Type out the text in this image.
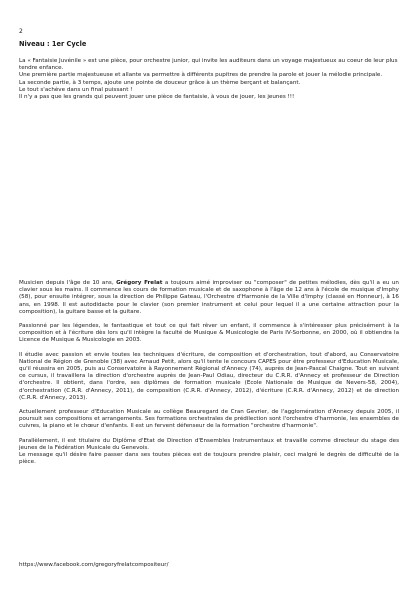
2
Niveau : 1er Cycle

La « Fantaisie Juvénile » est une pièce, pour orchestre junior, qui invite les auditeurs dans un voyage majestueux au coeur de leur plus tendre enfance.

Une première partie majestueuse et allante va permettre à différents pupitres de prendre la parole et jouer la mélodie principale.

La seconde partie, à 3 temps, ajoute une pointe de douceur grâce à un thème berçant et balançant.

Le tout s'achève dans un final puissant !

Il n'y a pas que les grands qui peuvent jouer une pièce de fantaisie, à vous de jouer, les jeunes !!!

Musicien depuis l'âge de 10 ans, Grégory Frelat a toujours aimé improviser ou "composer" de petites mélodies, dès qu'il a eu un clavier sous les mains. Il commence les cours de formation musicale et de saxophone à l'âge de 12 ans à l'école de musique d'Imphy (58), pour ensuite intégrer, sous la direction de Philippe Gateau, l'Orchestre d'Harmonie de la Ville d'Imphy (classé en Honneur), à 16 ans, en 1998. Il est autodidacte pour le clavier (son premier instrument et celui pour lequel il a une certaine attraction pour la composition), la guitare basse et la guitare.

Passionné par les légendes, le fantastique et tout ce qui fait rêver un enfant, il commence à s'intéresser plus précisément à la composition et à l'écriture dès lors qu'il intègre la faculté de Musique & Musicologie de Paris IV-Sorbonne, en 2000, où il obtiendra la Licence de Musique & Musicologie en 2003.

Il étudie avec passion et envie toutes les techniques d'écriture, de composition et d'orchestration, tout d'abord, au Conservatoire National de Région de Grenoble (38) avec Arnaud Petit, alors qu'il tente le concours CAPES pour être professeur d'Education Musicale, qu'il réussira en 2005, puis au Conservatoire à Rayonnement Régional d'Annecy (74), auprès de Jean-Pascal Chaigne. Tout en suivant ce cursus, il travaillera la direction d'orchestre auprès de Jean-Paul Odiau, directeur du C.R.R. d'Annecy et professeur de Direction d'orchestre. Il obtient, dans l'ordre, ses diplômes de formation musicale (Ecole Nationale de Musique de Nevers-58, 2004), d'orchestration (C.R.R. d'Annecy, 2011), de composition (C.R.R. d'Annecy, 2012), d'écriture (C.R.R. d'Annecy, 2012) et de direction (C.R.R. d'Annecy, 2013).

Actuellement professeur d'Education Musicale au collège Beauregard de Cran Gevrier, de l'agglomération d'Annecy depuis 2005, il poursuit ses compositions et arrangements. Ses formations orchestrales de prédilection sont l'orchestre d'harmonie, les ensembles de cuivres, la piano et le chœur d'enfants. Il est un fervent défenseur de la formation "orchestre d'harmonie".

Parallèlement, il est titulaire du Diplôme d'Etat de Direction d'Ensembles Instrumentaux et travaille comme directeur du stage des jeunes de la Fédération Musicale du Genevois.
Le message qu'il désire faire passer dans ses toutes pièces est de toujours prendre plaisir, ceci malgré le degrès de difficulté de la pièce.

https://www.facebook.com/gregoryfrelatcompositeur/
